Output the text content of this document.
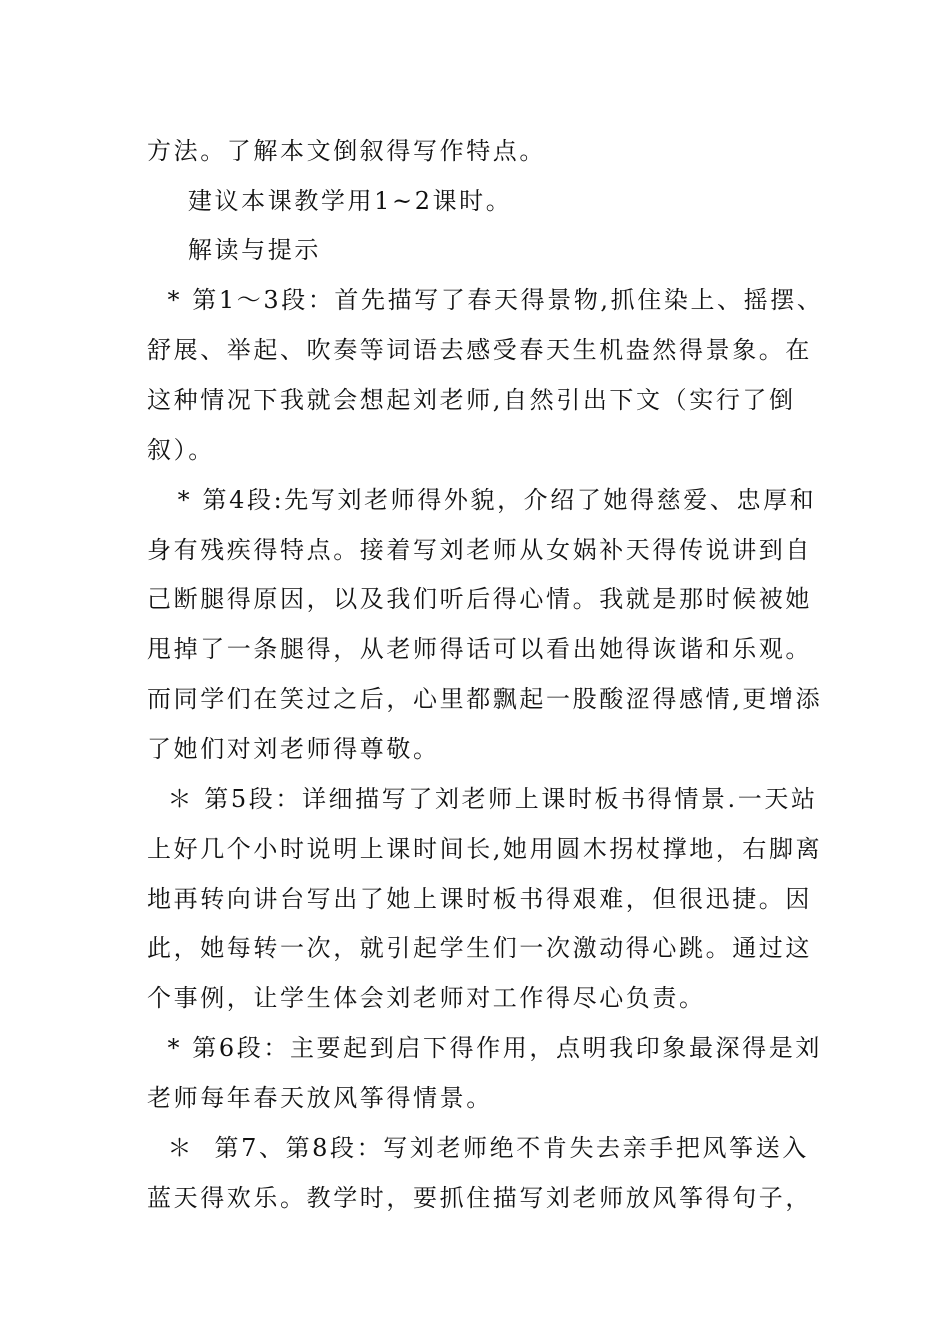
方法。了解本文倒叙得写作特点。
建议本课教学用1~2课时。
解读与提示
* 第1～3段：首先描写了春天得景物,抓住染上、摇摆、
舒展、举起、吹奏等词语去感受春天生机盎然得景象。在
这种情况下我就会想起刘老师,自然引出下文（实行了倒
叙）。
* 第4段:先写刘老师得外貌，介绍了她得慈爱、忠厚和
身有残疾得特点。接着写刘老师从女娲补天得传说讲到自
己断腿得原因，以及我们听后得心情。我就是那时候被她
甩掉了一条腿得，从老师得话可以看出她得诙谐和乐观。
而同学们在笑过之后，心里都飘起一股酸涩得感情,更增添
了她们对刘老师得尊敬。
＊ 第5段：详细描写了刘老师上课时板书得情景.一天站
上好几个小时说明上课时间长,她用圆木拐杖撑地，右脚离
地再转向讲台写出了她上课时板书得艰难，但很迅捷。因
此，她每转一次，就引起学生们一次激动得心跳。通过这
个事例，让学生体会刘老师对工作得尽心负责。
* 第6段：主要起到启下得作用，点明我印象最深得是刘
老师每年春天放风筝得情景。
＊  第7、第8段：写刘老师绝不肯失去亲手把风筝送入
蓝天得欢乐。教学时，要抓住描写刘老师放风筝得句子，
